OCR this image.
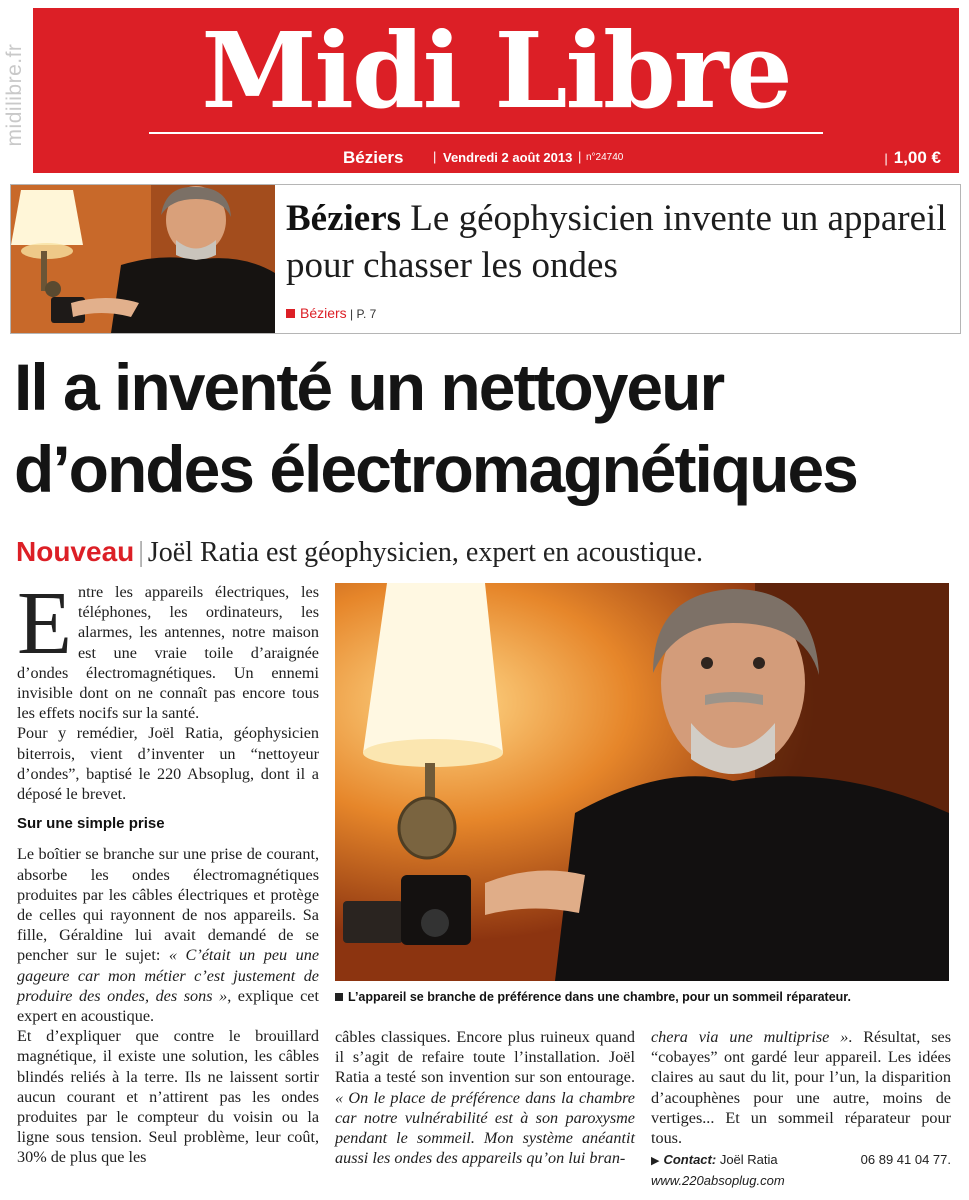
midilibre.fr	Midi Libre
Béziers | Vendredi 2 août 2013 | n°24740	| 1,00 €

Béziers Le géophysicien invente un appareil pour chasser les ondes

Béziers | P. 7
Il a inventé un nettoyeur
d’ondes électromagnétiques
Nouveau | Joël Ratia est géophysicien, expert en acoustique.

Entre les appareils électriques, les téléphones, les ordinateurs, les alarmes, les antennes, notre maison est une vraie toile d’araignée d’ondes électromagnétiques. Un ennemi invisible dont on ne connaît pas encore tous les effets nocifs sur la santé.

Pour y remédier, Joël Ratia, géophysicien biterrois, vient d’inventer un “nettoyeur d’ondes”, baptisé le 220 Absoplug, dont il a déposé le brevet.

Sur une simple prise

Le boîtier se branche sur une prise de courant, absorbe les ondes électromagnétiques produites par les câbles électriques et protège de celles qui rayonnent de nos appareils. Sa fille, Géraldine lui avait demandé de se pencher sur le sujet: « C’était un peu une gageure car mon métier c’est justement de produire des ondes, des sons », explique cet expert en acoustique.

Et d’expliquer que contre le brouillard magnétique, il existe une solution, les câbles blindés reliés à la terre. Ils ne laissent sortir aucun courant et n’attirent pas les ondes produites par le compteur du voisin ou la ligne sous tension. Seul problème, leur coût, 30% de plus que les

L’appareil se branche de préférence dans une chambre, pour un sommeil réparateur.

câbles classiques. Encore plus ruineux quand il s’agit de refaire toute l’installation. Joël Ratia a testé son invention sur son entourage. « On le place de préférence dans la chambre car notre vulnérabilité est à son paroxysme pendant le sommeil. Mon système anéantit aussi les ondes des appareils qu’on lui bran-

chera via une multiprise ». Résultat, ses “cobayes” ont gardé leur appareil. Les idées claires au saut du lit, pour l’un, la disparition d’acouphènes pour une autre, moins de vertiges... Et un sommeil réparateur pour tous.

▶ Contact: Joël Ratia	06 89 41 04 77.

www.220absoplug.com
